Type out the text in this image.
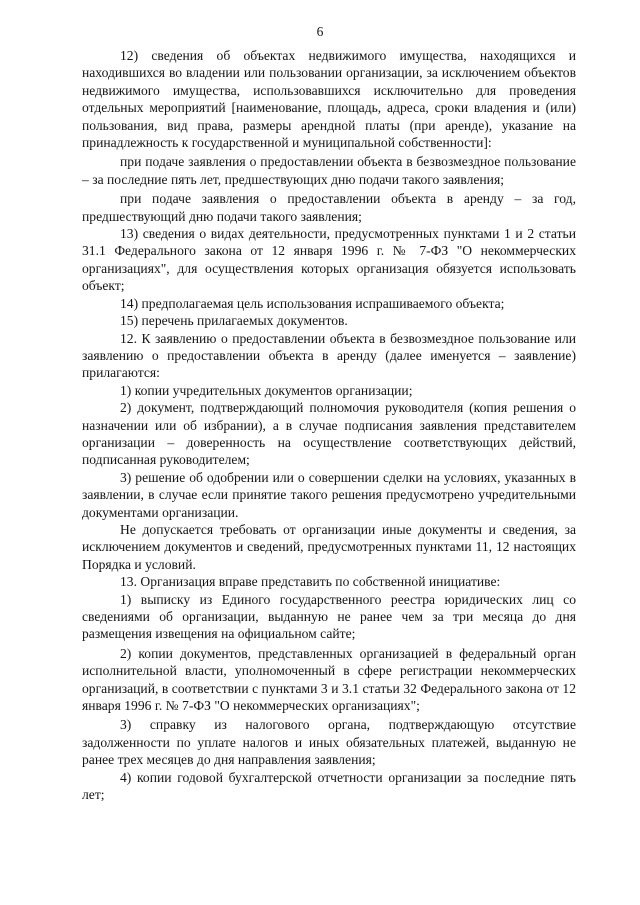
6

12) сведения об объектах недвижимого имущества, находящихся и находившихся во владении или пользовании организации, за исключением объектов недвижимого имущества, использовавшихся исключительно для проведения отдельных мероприятий [наименование, площадь, адреса, сроки владения и (или) пользования, вид права, размеры арендной платы (при аренде), указание на принадлежность к государственной и муниципальной собственности]:

при подаче заявления о предоставлении объекта в безвозмездное пользование – за последние пять лет, предшествующих дню подачи такого заявления;

при подаче заявления о предоставлении объекта в аренду – за год, предшествующий дню подачи такого заявления;

13) сведения о видах деятельности, предусмотренных пунктами 1 и 2 статьи 31.1 Федерального закона от 12 января 1996 г. № 7-ФЗ "О некоммерческих организациях", для осуществления которых организация обязуется использовать объект;

14) предполагаемая цель использования испрашиваемого объекта;

15) перечень прилагаемых документов.

12. К заявлению о предоставлении объекта в безвозмездное пользование или заявлению о предоставлении объекта в аренду (далее именуется – заявление) прилагаются:

1) копии учредительных документов организации;

2) документ, подтверждающий полномочия руководителя (копия решения о назначении или об избрании), а в случае подписания заявления представителем организации – доверенность на осуществление соответствующих действий, подписанная руководителем;

3) решение об одобрении или о совершении сделки на условиях, указанных в заявлении, в случае если принятие такого решения предусмотрено учредительными документами организации.

Не допускается требовать от организации иные документы и сведения, за исключением документов и сведений, предусмотренных пунктами 11, 12 настоящих Порядка и условий.

13. Организация вправе представить по собственной инициативе:

1) выписку из Единого государственного реестра юридических лиц со сведениями об организации, выданную не ранее чем за три месяца до дня размещения извещения на официальном сайте;

2) копии документов, представленных организацией в федеральный орган исполнительной власти, уполномоченный в сфере регистрации некоммерческих организаций, в соответствии с пунктами 3 и 3.1 статьи 32 Федерального закона от 12 января 1996 г. № 7-ФЗ "О некоммерческих организациях";

3) справку из налогового органа, подтверждающую отсутствие задолженности по уплате налогов и иных обязательных платежей, выданную не ранее трех месяцев до дня направления заявления;

4) копии годовой бухгалтерской отчетности организации за последние пять лет;
